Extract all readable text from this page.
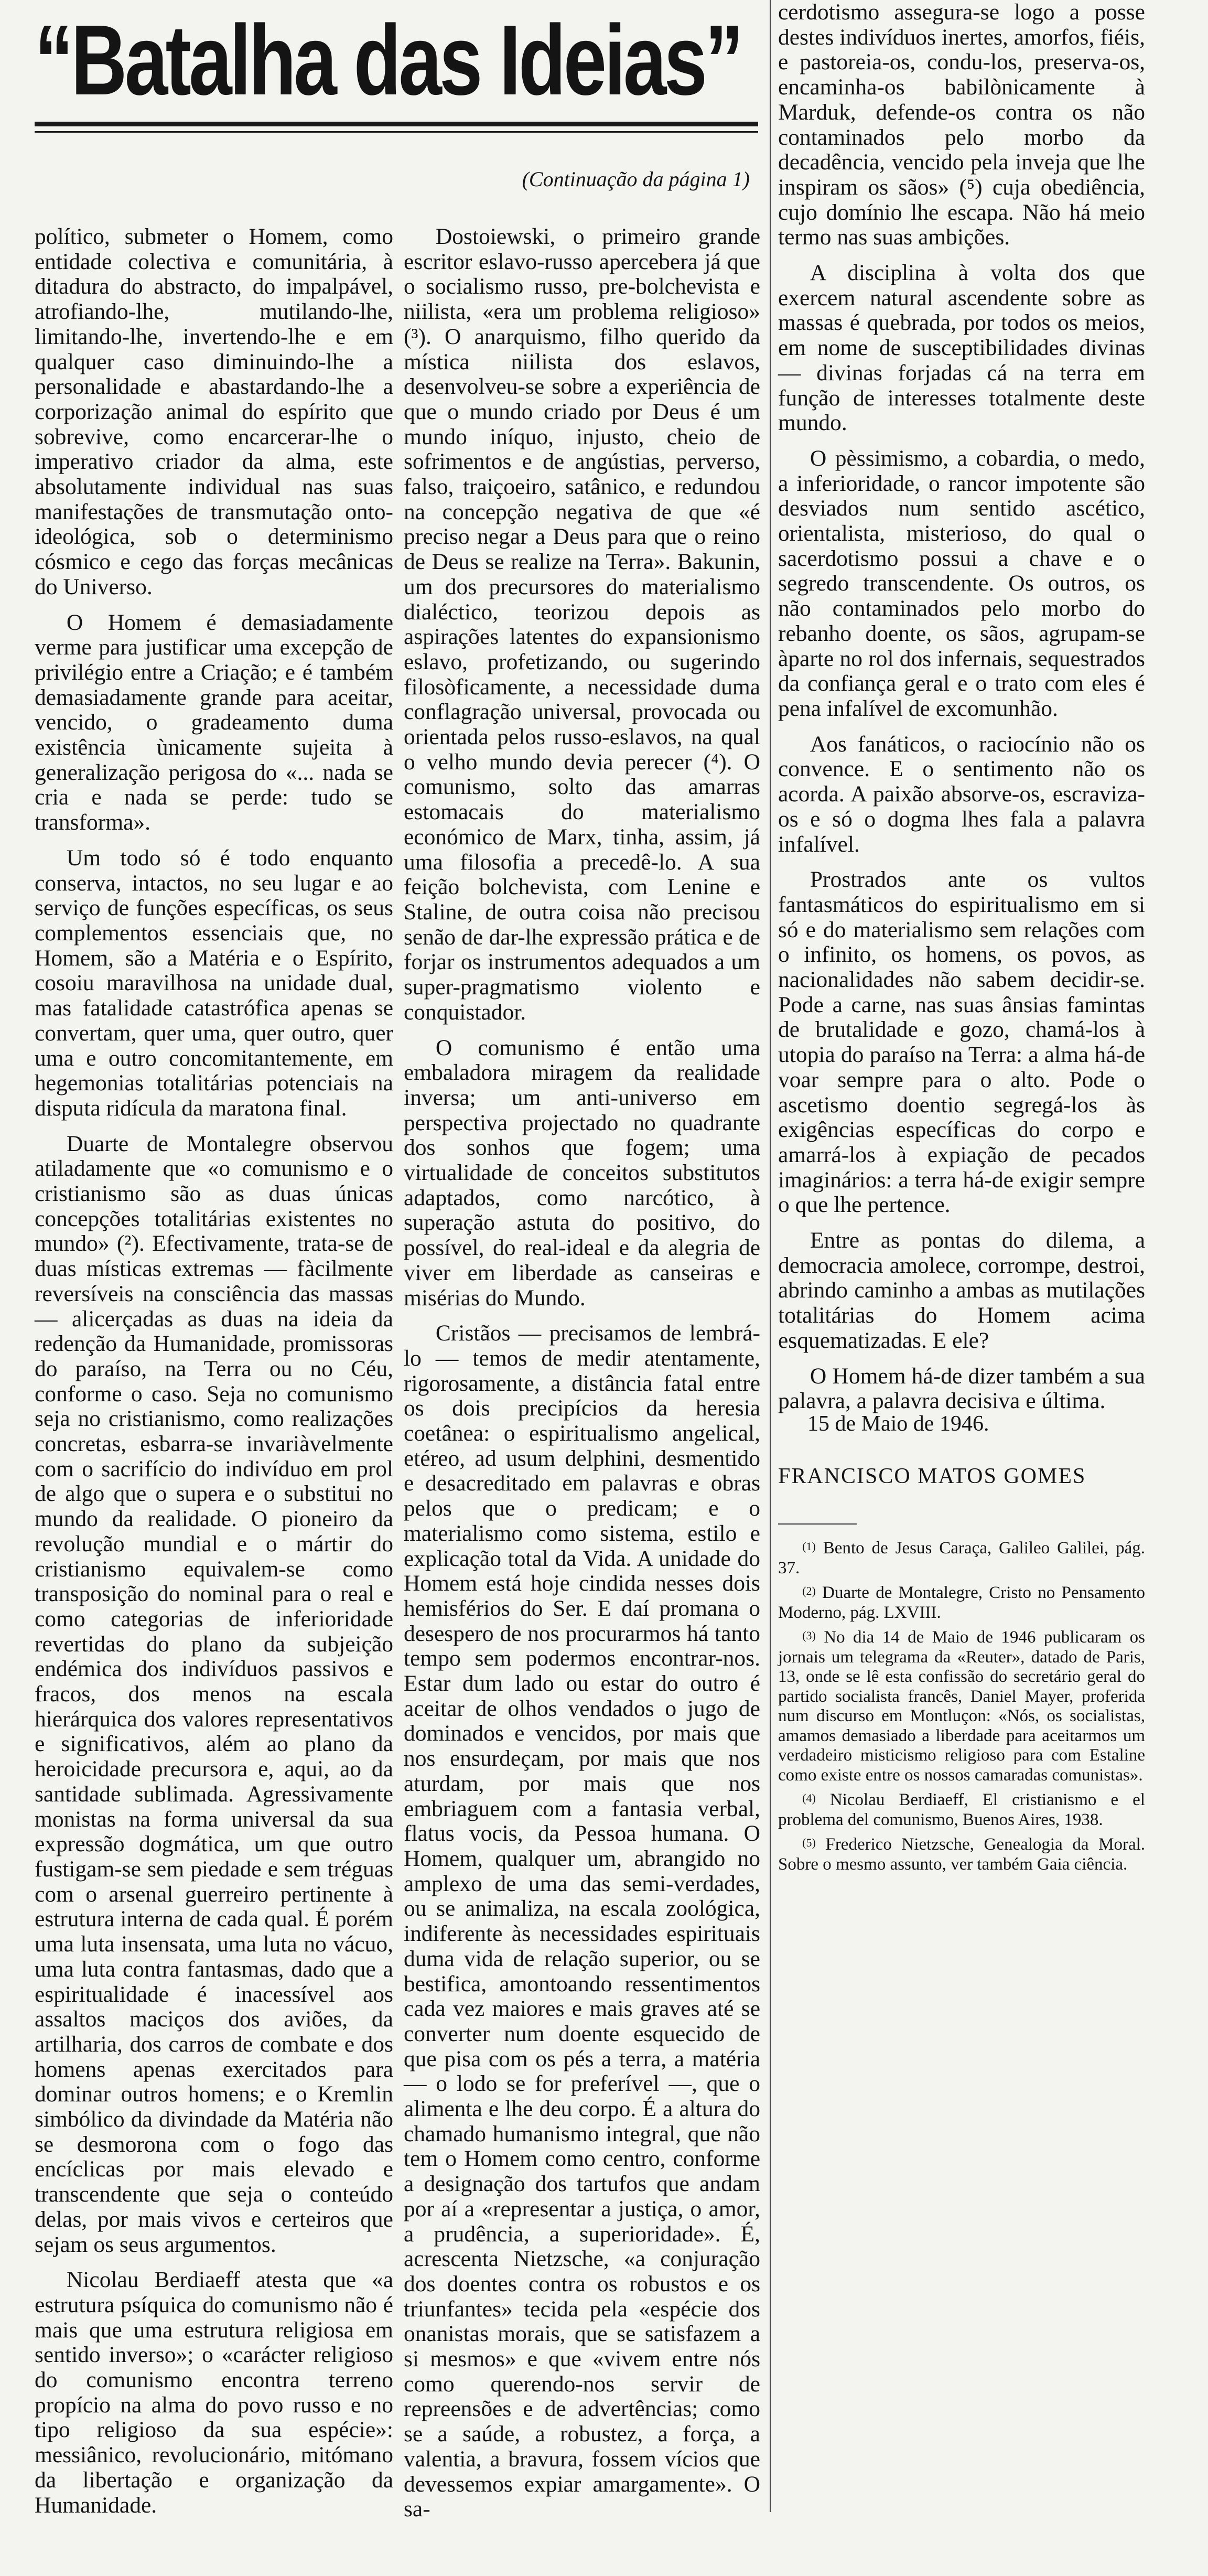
“Batalha das Ideias”
(Continuação da página 1)

político, submeter o Homem, como entidade colectiva e comunitária, à ditadura do abstracto, do impalpável, atrofiando-lhe, mutilando-lhe, limitando-lhe, invertendo-lhe e em qualquer caso diminuindo-lhe a personalidade e abastardando-lhe a corporização animal do espírito que sobrevive, como encarcerar-lhe o imperativo criador da alma, este absolutamente individual nas suas manifestações de transmutação onto-ideológica, sob o determinismo cósmico e cego das forças mecânicas do Universo.

O Homem é demasiadamente verme para justificar uma excepção de privilégio entre a Criação; e é também demasiadamente grande para aceitar, vencido, o gradeamento duma existência ùnicamente sujeita à generalização perigosa do «... nada se cria e nada se perde: tudo se transforma».

Um todo só é todo enquanto conserva, intactos, no seu lugar e ao serviço de funções específicas, os seus complementos essenciais que, no Homem, são a Matéria e o Espírito, cosoiu maravilhosa na unidade dual, mas fatalidade catastrófica apenas se convertam, quer uma, quer outro, quer uma e outro concomitantemente, em hegemonias totalitárias potenciais na disputa ridícula da maratona final.

Duarte de Montalegre observou atiladamente que «o comunismo e o cristianismo são as duas únicas concepções totalitárias existentes no mundo» (²). Efectivamente, trata-se de duas místicas extremas — fàcilmente reversíveis na consciência das massas — alicerçadas as duas na ideia da redenção da Humanidade, promissoras do paraíso, na Terra ou no Céu, conforme o caso. Seja no comunismo seja no cristianismo, como realizações concretas, esbarra-se invariàvelmente com o sacrifício do indivíduo em prol de algo que o supera e o substitui no mundo da realidade. O pioneiro da revolução mundial e o mártir do cristianismo equivalem-se como transposição do nominal para o real e como categorias de inferioridade revertidas do plano da subjeição endémica dos indivíduos passivos e fracos, dos menos na escala hierárquica dos valores representativos e significativos, além ao plano da heroicidade precursora e, aqui, ao da santidade sublimada. Agressivamente monistas na forma universal da sua expressão dogmática, um que outro fustigam-se sem piedade e sem tréguas com o arsenal guerreiro pertinente à estrutura interna de cada qual. É porém uma luta insensata, uma luta no vácuo, uma luta contra fantasmas, dado que a espiritualidade é inacessível aos assaltos maciços dos aviões, da artilharia, dos carros de combate e dos homens apenas exercitados para dominar outros homens; e o Kremlin simbólico da divindade da Matéria não se desmorona com o fogo das encíclicas por mais elevado e transcendente que seja o conteúdo delas, por mais vivos e certeiros que sejam os seus argumentos.

Nicolau Berdiaeff atesta que «a estrutura psíquica do comunismo não é mais que uma estrutura religiosa em sentido inverso»; o «carácter religioso do comunismo encontra terreno propício na alma do povo russo e no tipo religioso da sua espécie»: messiânico, revolucionário, mitómano da libertação e organização da Humanidade.

Dostoiewski, o primeiro grande escritor eslavo-russo apercebera já que o socialismo russo, pre-bolchevista e niilista, «era um problema religioso» (³). O anarquismo, filho querido da mística niilista dos eslavos, desenvolveu-se sobre a experiência de que o mundo criado por Deus é um mundo iníquo, injusto, cheio de sofrimentos e de angústias, perverso, falso, traiçoeiro, satânico, e redundou na concepção negativa de que «é preciso negar a Deus para que o reino de Deus se realize na Terra». Bakunin, um dos precursores do materialismo dialéctico, teorizou depois as aspirações latentes do expansionismo eslavo, profetizando, ou sugerindo filosòficamente, a necessidade duma conflagração universal, provocada ou orientada pelos russo-eslavos, na qual o velho mundo devia perecer (⁴). O comunismo, solto das amarras estomacais do materialismo económico de Marx, tinha, assim, já uma filosofia a precedê-lo. A sua feição bolchevista, com Lenine e Staline, de outra coisa não precisou senão de dar-lhe expressão prática e de forjar os instrumentos adequados a um super-pragmatismo violento e conquistador.

O comunismo é então uma embaladora miragem da realidade inversa; um anti-universo em perspectiva projectado no quadrante dos sonhos que fogem; uma virtualidade de conceitos substitutos adaptados, como narcótico, à superação astuta do positivo, do possível, do real-ideal e da alegria de viver em liberdade as canseiras e misérias do Mundo.

Cristãos — precisamos de lembrá-lo — temos de medir atentamente, rigorosamente, a distância fatal entre os dois precipícios da heresia coetânea: o espiritualismo angelical, etéreo, ad usum delphini, desmentido e desacreditado em palavras e obras pelos que o predicam; e o materialismo como sistema, estilo e explicação total da Vida. A unidade do Homem está hoje cindida nesses dois hemisférios do Ser. E daí promana o desespero de nos procurarmos há tanto tempo sem podermos encontrar-nos. Estar dum lado ou estar do outro é aceitar de olhos vendados o jugo de dominados e vencidos, por mais que nos ensurdeçam, por mais que nos aturdam, por mais que nos embriaguem com a fantasia verbal, flatus vocis, da Pessoa humana. O Homem, qualquer um, abrangido no amplexo de uma das semi-verdades, ou se animaliza, na escala zoológica, indiferente às necessidades espirituais duma vida de relação superior, ou se bestifica, amontoando ressentimentos cada vez maiores e mais graves até se converter num doente esquecido de que pisa com os pés a terra, a matéria — o lodo se for preferível —, que o alimenta e lhe deu corpo. É a altura do chamado humanismo integral, que não tem o Homem como centro, conforme a designação dos tartufos que andam por aí a «representar a justiça, o amor, a prudência, a superioridade». É, acrescenta Nietzsche, «a conjuração dos doentes contra os robustos e os triunfantes» tecida pela «espécie dos onanistas morais, que se satisfazem a si mesmos» e que «vivem entre nós como querendo-nos servir de repreensões e de advertências; como se a saúde, a robustez, a força, a valentia, a bravura, fossem vícios que devessemos expiar amargamente». O sa-

cerdotismo assegura-se logo a posse destes indivíduos inertes, amorfos, fiéis, e pastoreia-os, condu-los, preserva-os, encaminha-os babilònicamente à Marduk, defende-os contra os não contaminados pelo morbo da decadência, vencido pela inveja que lhe inspiram os sãos» (⁵) cuja obediência, cujo domínio lhe escapa. Não há meio termo nas suas ambições.

A disciplina à volta dos que exercem natural ascendente sobre as massas é quebrada, por todos os meios, em nome de susceptibilidades divinas — divinas forjadas cá na terra em função de interesses totalmente deste mundo.

O pèssimismo, a cobardia, o medo, a inferioridade, o rancor impotente são desviados num sentido ascético, orientalista, misterioso, do qual o sacerdotismo possui a chave e o segredo transcendente. Os outros, os não contaminados pelo morbo do rebanho doente, os sãos, agrupam-se àparte no rol dos infernais, sequestrados da confiança geral e o trato com eles é pena infalível de excomunhão.

Aos fanáticos, o raciocínio não os convence. E o sentimento não os acorda. A paixão absorve-os, escraviza-os e só o dogma lhes fala a palavra infalível.

Prostrados ante os vultos fantasmáticos do espiritualismo em si só e do materialismo sem relações com o infinito, os homens, os povos, as nacionalidades não sabem decidir-se. Pode a carne, nas suas ânsias famintas de brutalidade e gozo, chamá-los à utopia do paraíso na Terra: a alma há-de voar sempre para o alto. Pode o ascetismo doentio segregá-los às exigências específicas do corpo e amarrá-los à expiação de pecados imaginários: a terra há-de exigir sempre o que lhe pertence.

Entre as pontas do dilema, a democracia amolece, corrompe, destroi, abrindo caminho a ambas as mutilações totalitárias do Homem acima esquematizadas. E ele?

O Homem há-de dizer também a sua palavra, a palavra decisiva e última.

15 de Maio de 1946.
FRANCISCO MATOS GOMES

$^{(1)}$ Bento de Jesus Caraça, Galileo Galilei, pág. 37.

$^{(2)}$ Duarte de Montalegre, Cristo no Pensamento Moderno, pág. LXVIII.

$^{(3)}$ No dia 14 de Maio de 1946 publicaram os jornais um telegrama da «Reuter», datado de Paris, 13, onde se lê esta confissão do secretário geral do partido socialista francês, Daniel Mayer, proferida num discurso em Montluçon: «Nós, os socialistas, amamos demasiado a liberdade para aceitarmos um verdadeiro misticismo religioso para com Estaline como existe entre os nossos camaradas comunistas».

$^{(4)}$ Nicolau Berdiaeff, El cristianismo e el problema del comunismo, Buenos Aires, 1938.

$^{(5)}$ Frederico Nietzsche, Genealogia da Moral. Sobre o mesmo assunto, ver também Gaia ciência.
